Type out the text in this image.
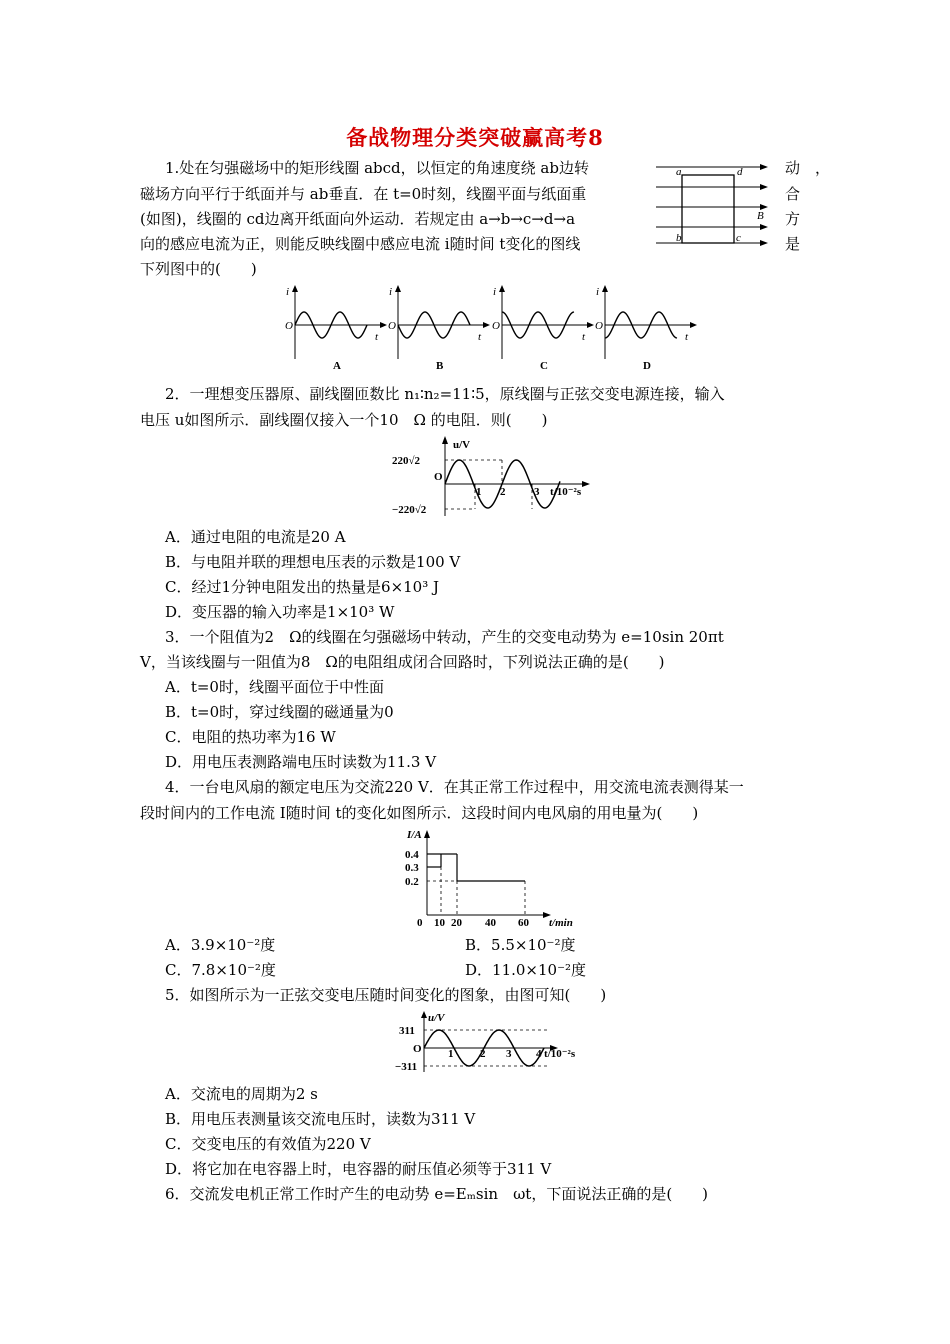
备战物理分类突破赢高考8
1.处在匀强磁场中的矩形线圈 abcd，以恒定的角速度绕 ab边转
磁场方向平行于纸面并与 ab垂直．在 t=0时刻，线圈平面与纸面重
(如图)，线圈的 cd边离开纸面向外运动．若规定由 a→b→c→d→a
向的感应电流为正，则能反映线圈中感应电流 i随时间 t变化的图线
下列图中的(　　)
动　，
合
方
是
a	d
b	c
B
i
O
t
A
i
O
t
B
i
O
t
C
i
O
t
D
2．一理想变压器原、副线圈匝数比 n₁∶n₂=11∶5，原线圈与正弦交变电源连接，输入
电压 u如图所示．副线圈仅接入一个10　Ω 的电阻．则(　　)
u/V
220√2
−220√2
O
1 2	3 t/10⁻²s
A．通过电阻的电流是20 A
B．与电阻并联的理想电压表的示数是100 V
C．经过1分钟电阻发出的热量是6×10³ J
D．变压器的输入功率是1×10³ W
3．一个阻值为2　Ω的线圈在匀强磁场中转动，产生的交变电动势为 e=10sin 20πt
V，当该线圈与一阻值为8　Ω的电阻组成闭合回路时，下列说法正确的是(　　)
A．t=0时，线圈平面位于中性面
B．t=0时，穿过线圈的磁通量为0
C．电阻的热功率为16 W
D．用电压表测路端电压时读数为11.3 V
4．一台电风扇的额定电压为交流220 V．在其正常工作过程中，用交流电流表测得某一
段时间内的工作电流 I随时间 t的变化如图所示．这段时间内电风扇的用电量为(　　)
I/A
0.4
0.3
0.2
0 10 20 40 60 t/min
A．3.9×10⁻²度	B．5.5×10⁻²度
C．7.8×10⁻²度	D．11.0×10⁻²度
5．如图所示为一正弦交变电压随时间变化的图象，由图可知(　　)
u/V
311
−311
O 1 2 3 4 t/10⁻²s
A．交流电的周期为2 s
B．用电压表测量该交流电压时，读数为311 V
C．交变电压的有效值为220 V
D．将它加在电容器上时，电容器的耐压值必须等于311 V
6．交流发电机正常工作时产生的电动势 e=Eₘsin　ωt，下面说法正确的是(　　)
